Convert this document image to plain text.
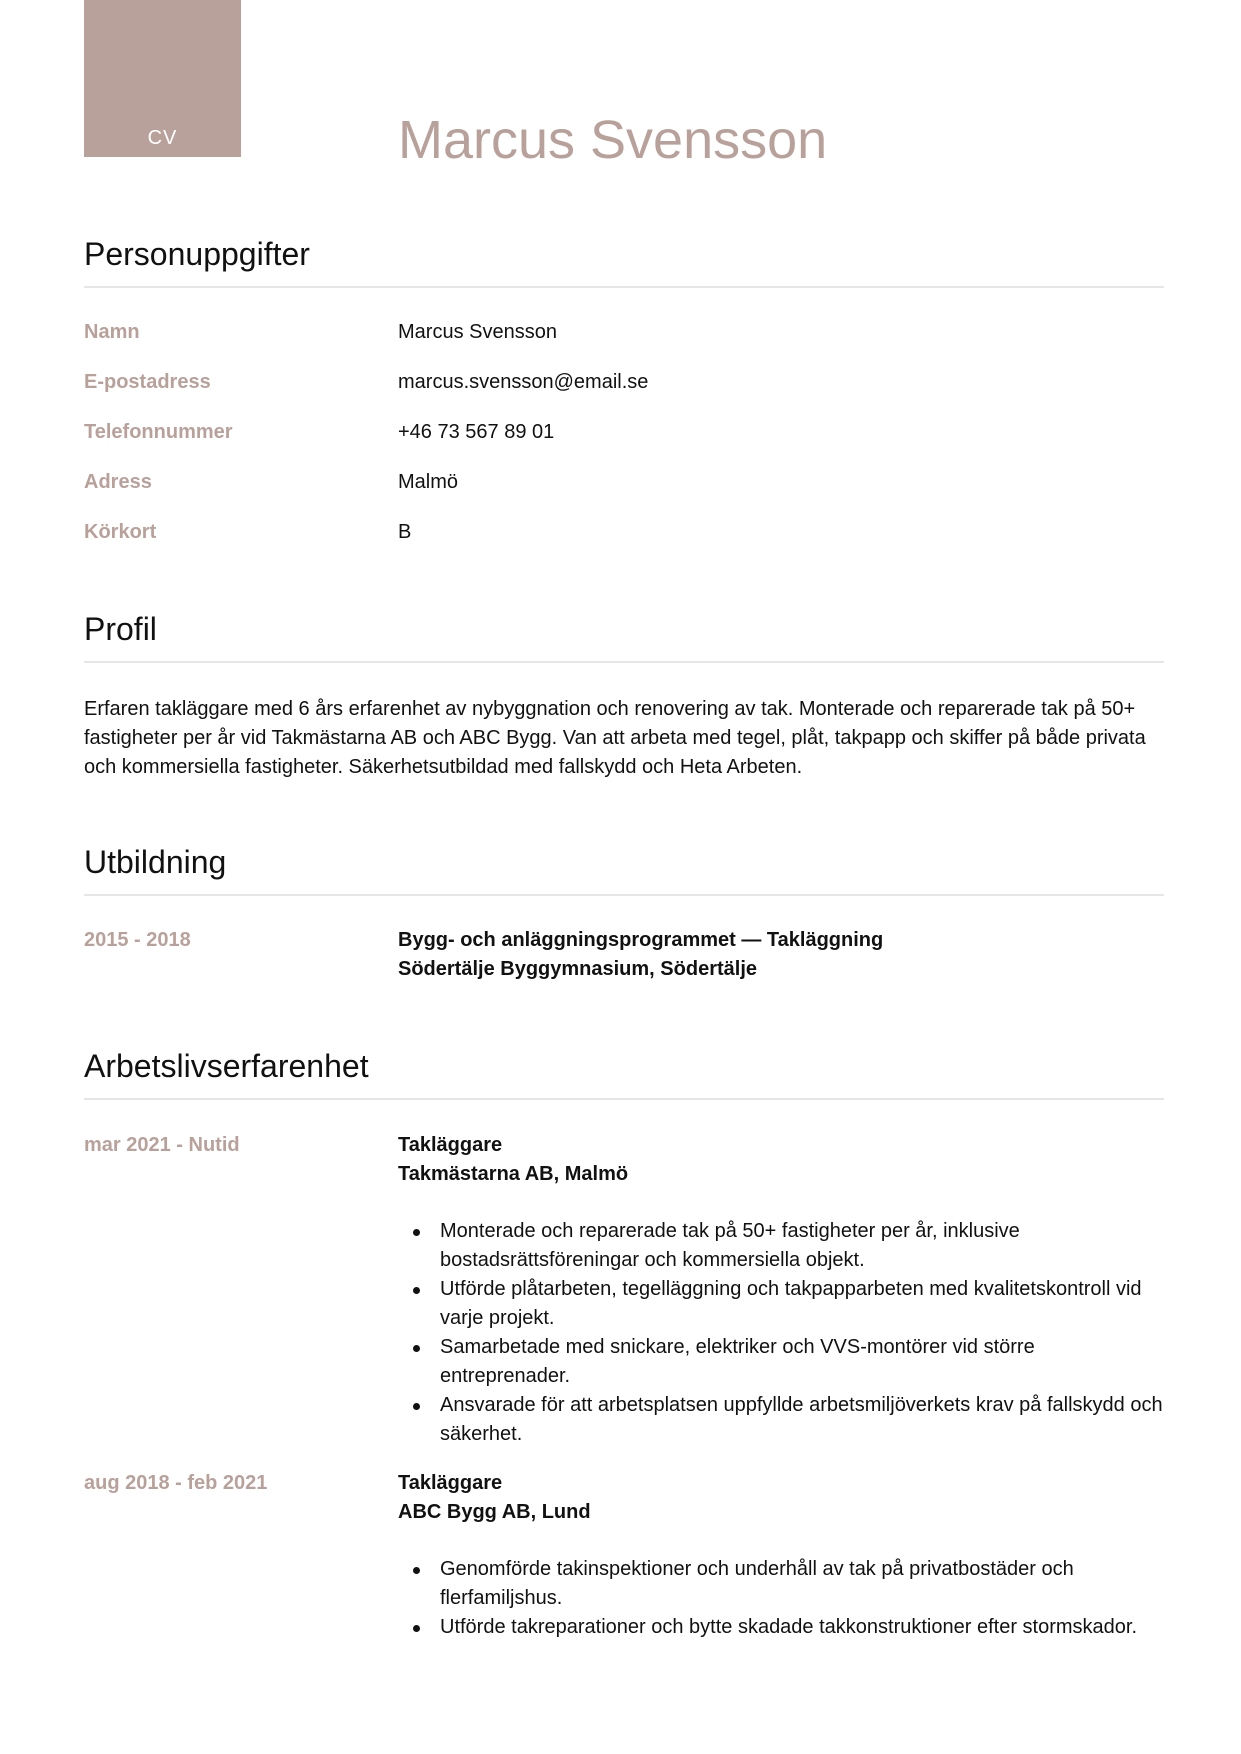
CV	Marcus Svensson
Personuppgifter
Namn	Marcus Svensson
E-postadress	marcus.svensson@email.se
Telefonnummer	+46 73 567 89 01
Adress	Malmö
Körkort	B
Profil

Erfaren takläggare med 6 års erfarenhet av nybyggnation och renovering av tak. Monterade och reparerade tak på 50+ fastigheter per år vid Takmästarna AB och ABC Bygg. Van att arbeta med tegel, plåt, takpapp och skiffer på både privata och kommersiella fastigheter. Säkerhetsutbildad med fallskydd och Heta Arbeten.

Utbildning
2015 - 2018	Bygg- och anläggningsprogrammet — Takläggning
Södertälje Byggymnasium, Södertälje
Arbetslivserfarenhet
mar 2021 - Nutid	Takläggare
Takmästarna AB, Malmö
Monterade och reparerade tak på 50+ fastigheter per år, inklusive bostadsrättsföreningar och kommersiella objekt.
Utförde plåtarbeten, tegelläggning och takpapparbeten med kvalitetskontroll vid varje projekt.
Samarbetade med snickare, elektriker och VVS-montörer vid större entreprenader.
Ansvarade för att arbetsplatsen uppfyllde arbetsmiljöverkets krav på fallskydd och säkerhet.
aug 2018 - feb 2021	Takläggare
ABC Bygg AB, Lund
Genomförde takinspektioner och underhåll av tak på privatbostäder och flerfamiljshus.
Utförde takreparationer och bytte skadade takkonstruktioner efter stormskador.
